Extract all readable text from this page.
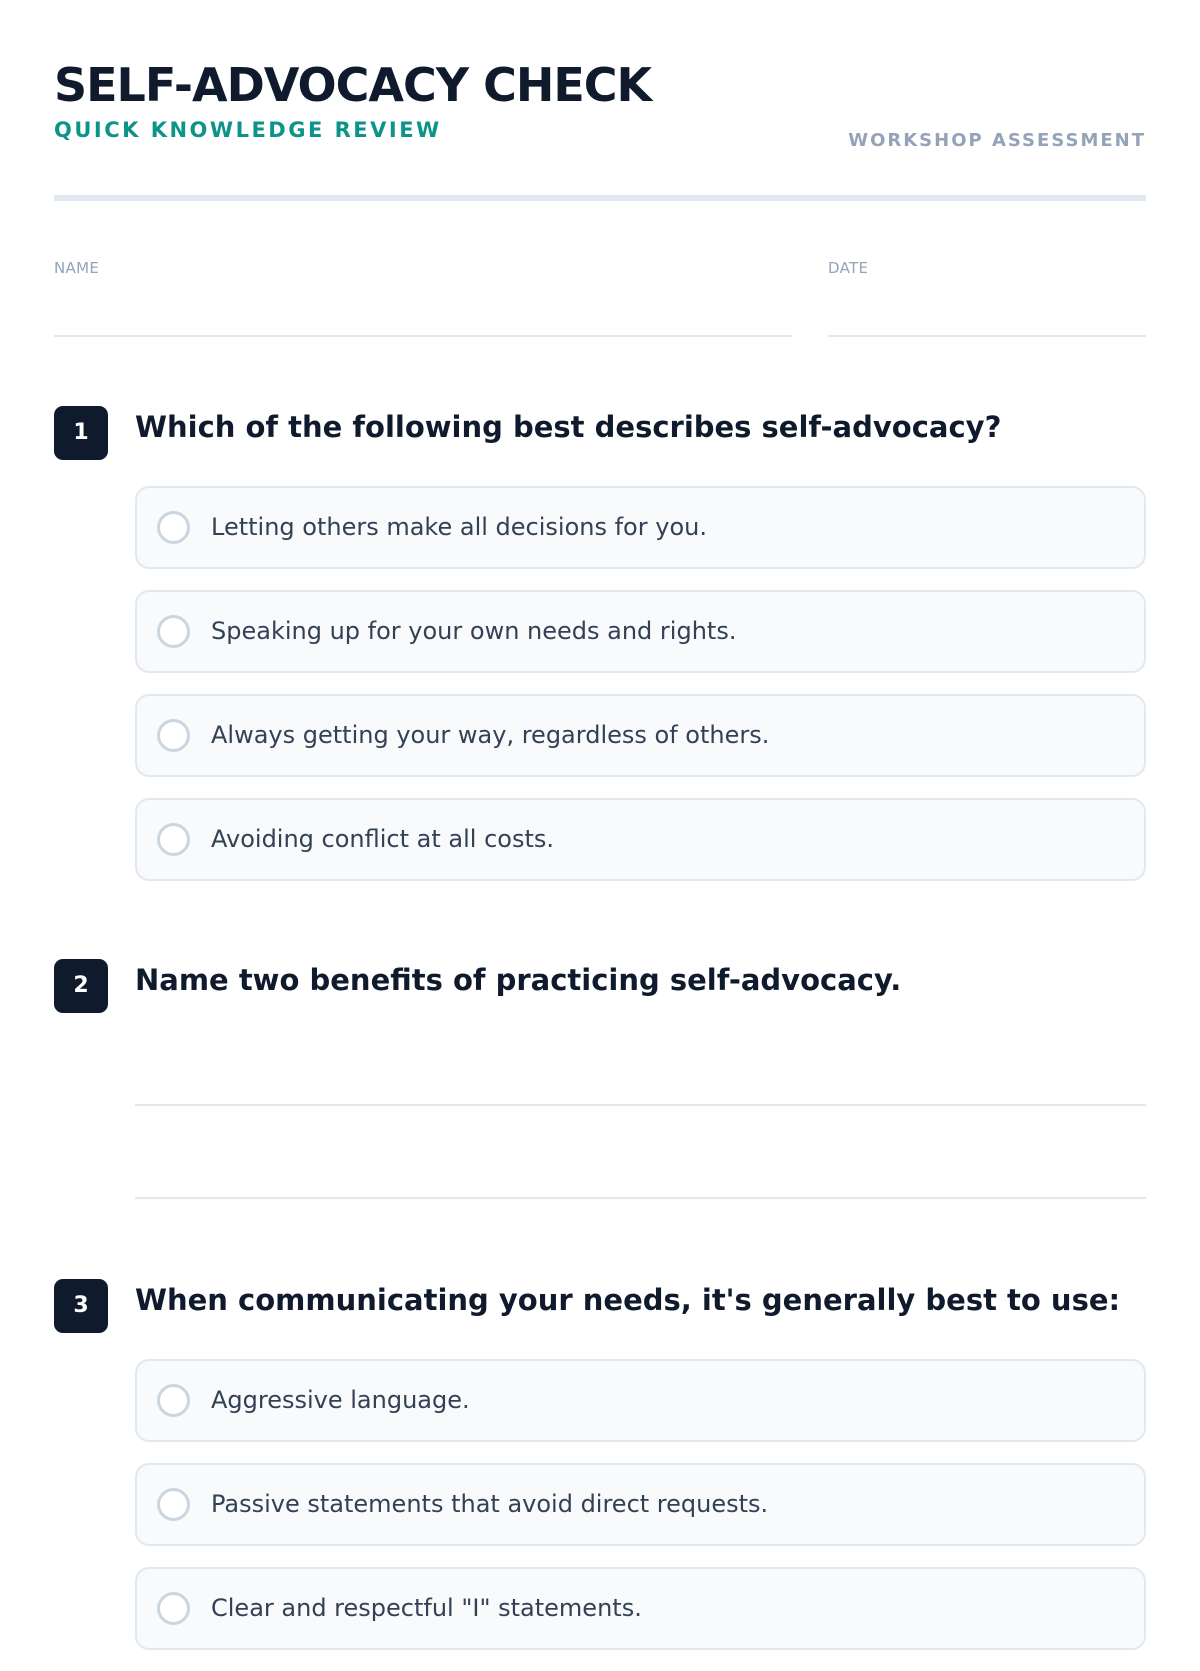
SELF-ADVOCACY CHECK
QUICK KNOWLEDGE REVIEW	WORKSHOP ASSESSMENT
NAME	DATE
1	Which of the following best describes self-advocacy?
Letting others make all decisions for you.
Speaking up for your own needs and rights.
Always getting your way, regardless of others.
Avoiding conflict at all costs.
2	Name two benefits of practicing self-advocacy.
3	When communicating your needs, it's generally best to use:
Aggressive language.
Passive statements that avoid direct requests.
Clear and respectful "I" statements.
